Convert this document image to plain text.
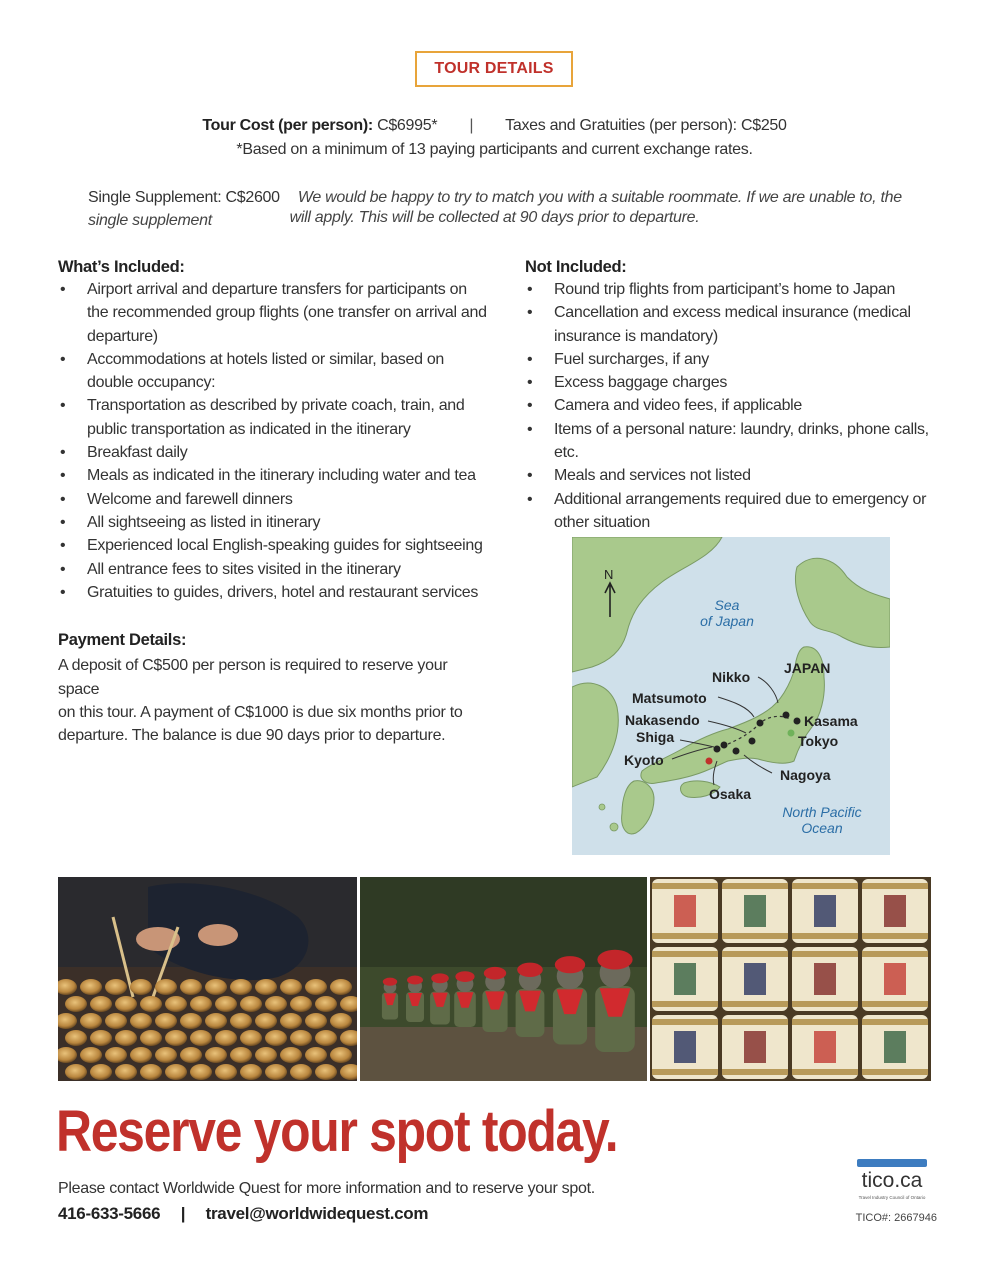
TOUR DETAILS
Tour Cost (per person): C$6995* | Taxes and Gratuities (per person): C$250
*Based on a minimum of 13 paying participants and current exchange rates.
Single Supplement: C$2600 We would be happy to try to match you with a suitable roommate. If we are unable to, the single supplement	will apply. This will be collected at 90 days prior to departure.
What’s Included:
• Airport arrival and departure transfers for participants on the recommended group flights (one transfer on arrival and departure)
• Accommodations at hotels listed or similar, based on double occupancy:
• Transportation as described by private coach, train, and public transportation as indicated in the itinerary
• Breakfast daily
• Meals as indicated in the itinerary including water and tea
• Welcome and farewell dinners
• All sightseeing as listed in itinerary
• Experienced local English-speaking guides for sightseeing
• All entrance fees to sites visited in the itinerary
• Gratuities to guides, drivers, hotel and restaurant services
Not Included:
• Round trip flights from participant’s home to Japan
• Cancellation and excess medical insurance (medical insurance is mandatory)
• Fuel surcharges, if any
• Excess baggage charges
• Camera and video fees, if applicable
• Items of a personal nature: laundry, drinks, phone calls, etc.
• Meals and services not listed
• Additional arrangements required due to emergency or other situation
Payment Details:
A deposit of C$500 per person is required to reserve your space
on this tour. A payment of C$1000 is due six months prior to
departure. The balance is due 90 days prior to departure.
N
Sea
of Japan
North Pacific
Ocean
JAPAN
Nikko
Matsumoto
Nakasendo
Shiga
Kyoto
Kasama
Tokyo
Nagoya
Osaka
Reserve your spot today.
Please contact Worldwide Quest for more information and to reserve your spot.
416-633-5666 | travel@worldwidequest.com
tico.ca
Travel Industry Council of Ontario
TICO#: 2667946
